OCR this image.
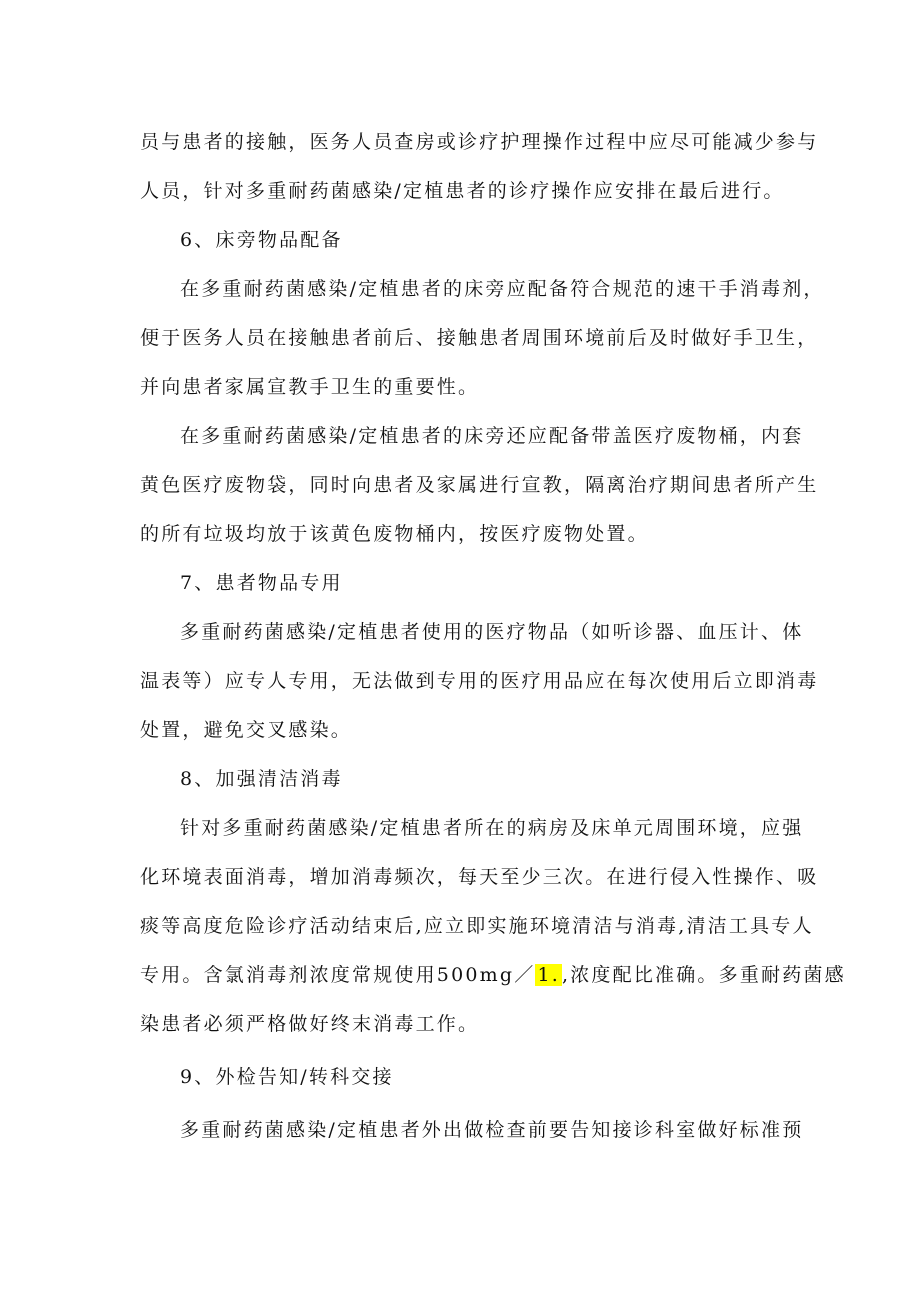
员与患者的接触，医务人员查房或诊疗护理操作过程中应尽可能减少参与
人员，针对多重耐药菌感染/定植患者的诊疗操作应安排在最后进行。
6、床旁物品配备
在多重耐药菌感染/定植患者的床旁应配备符合规范的速干手消毒剂，
便于医务人员在接触患者前后、接触患者周围环境前后及时做好手卫生，
并向患者家属宣教手卫生的重要性。
在多重耐药菌感染/定植患者的床旁还应配备带盖医疗废物桶，内套
黄色医疗废物袋，同时向患者及家属进行宣教，隔离治疗期间患者所产生
的所有垃圾均放于该黄色废物桶内，按医疗废物处置。
7、患者物品专用
多重耐药菌感染/定植患者使用的医疗物品（如听诊器、血压计、体
温表等）应专人专用，无法做到专用的医疗用品应在每次使用后立即消毒
处置，避免交叉感染。
8、加强清洁消毒
针对多重耐药菌感染/定植患者所在的病房及床单元周围环境，应强
化环境表面消毒，增加消毒频次，每天至少三次。在进行侵入性操作、吸
痰等高度危险诊疗活动结束后,应立即实施环境清洁与消毒,清洁工具专人
专用。含氯消毒剂浓度常规使用500mg／ 1. ,浓度配比准确。多重耐药菌感
染患者必须严格做好终末消毒工作。
9、外检告知/转科交接
多重耐药菌感染/定植患者外出做检查前要告知接诊科室做好标准预
